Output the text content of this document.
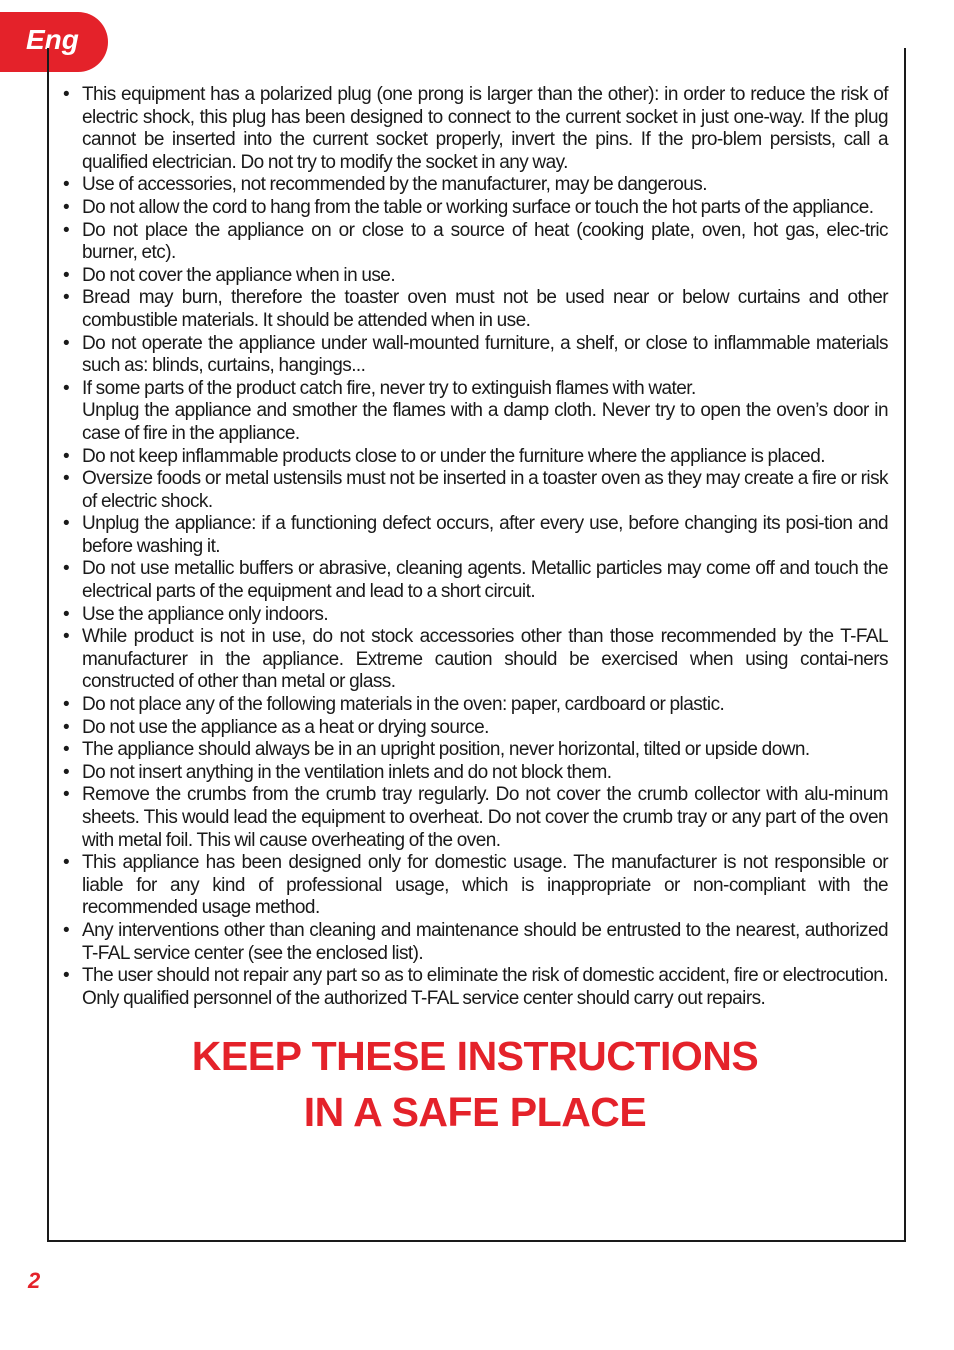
Eng
• This equipment has a polarized plug (one prong is larger than the other): in order to reduce the risk of electric shock, this plug has been designed to connect to the current socket in just one-way. If the plug cannot be inserted into the current socket properly, invert the pins. If the pro-blem persists, call a qualified electrician. Do not try to modify the socket in any way.
• Use of accessories, not recommended by the manufacturer, may be dangerous.
• Do not allow the cord to hang from the table or working surface or touch the hot parts of the appliance.
• Do not place the appliance on or close to a source of heat (cooking plate, oven, hot gas, elec-tric burner, etc).
• Do not cover the appliance when in use.
• Bread may burn, therefore the toaster oven must not be used near or below curtains and other combustible materials. It should be attended when in use.
• Do not operate the appliance under wall-mounted furniture, a shelf, or close to inflammable materials such as: blinds, curtains, hangings...
• If some parts of the product catch fire, never try to extinguish flames with water.
Unplug the appliance and smother the flames with a damp cloth. Never try to open the oven’s door in case of fire in the appliance.
• Do not keep inflammable products close to or under the furniture where the appliance is placed.
• Oversize foods or metal ustensils must not be inserted in a toaster oven as they may create a fire or risk of electric shock.
• Unplug the appliance: if a functioning defect occurs, after every use, before changing its posi-tion and before washing it.
• Do not use metallic buffers or abrasive, cleaning agents. Metallic particles may come off and touch the electrical parts of the equipment and lead to a short circuit.
• Use the appliance only indoors.
• While product is not in use, do not stock accessories other than those recommended by the T-FAL manufacturer in the appliance. Extreme caution should be exercised when using contai-ners constructed of other than metal or glass.
• Do not place any of the following materials in the oven: paper, cardboard or plastic.
• Do not use the appliance as a heat or drying source.
• The appliance should always be in an upright position, never horizontal, tilted or upside down.
• Do not insert anything in the ventilation inlets and do not block them.
• Remove the crumbs from the crumb tray regularly. Do not cover the crumb collector with alu-minum sheets. This would lead the equipment to overheat. Do not cover the crumb tray or any part of the oven with metal foil. This wil cause overheating of the oven.
• This appliance has been designed only for domestic usage. The manufacturer is not responsible or liable for any kind of professional usage, which is inappropriate or non-compliant with the recommended usage method.
• Any interventions other than cleaning and maintenance should be entrusted to the nearest, authorized T-FAL service center (see the enclosed list).
• The user should not repair any part so as to eliminate the risk of domestic accident, fire or electrocution. Only qualified personnel of the authorized T-FAL service center should carry out repairs.
KEEP THESE INSTRUCTIONS
IN A SAFE PLACE
2
